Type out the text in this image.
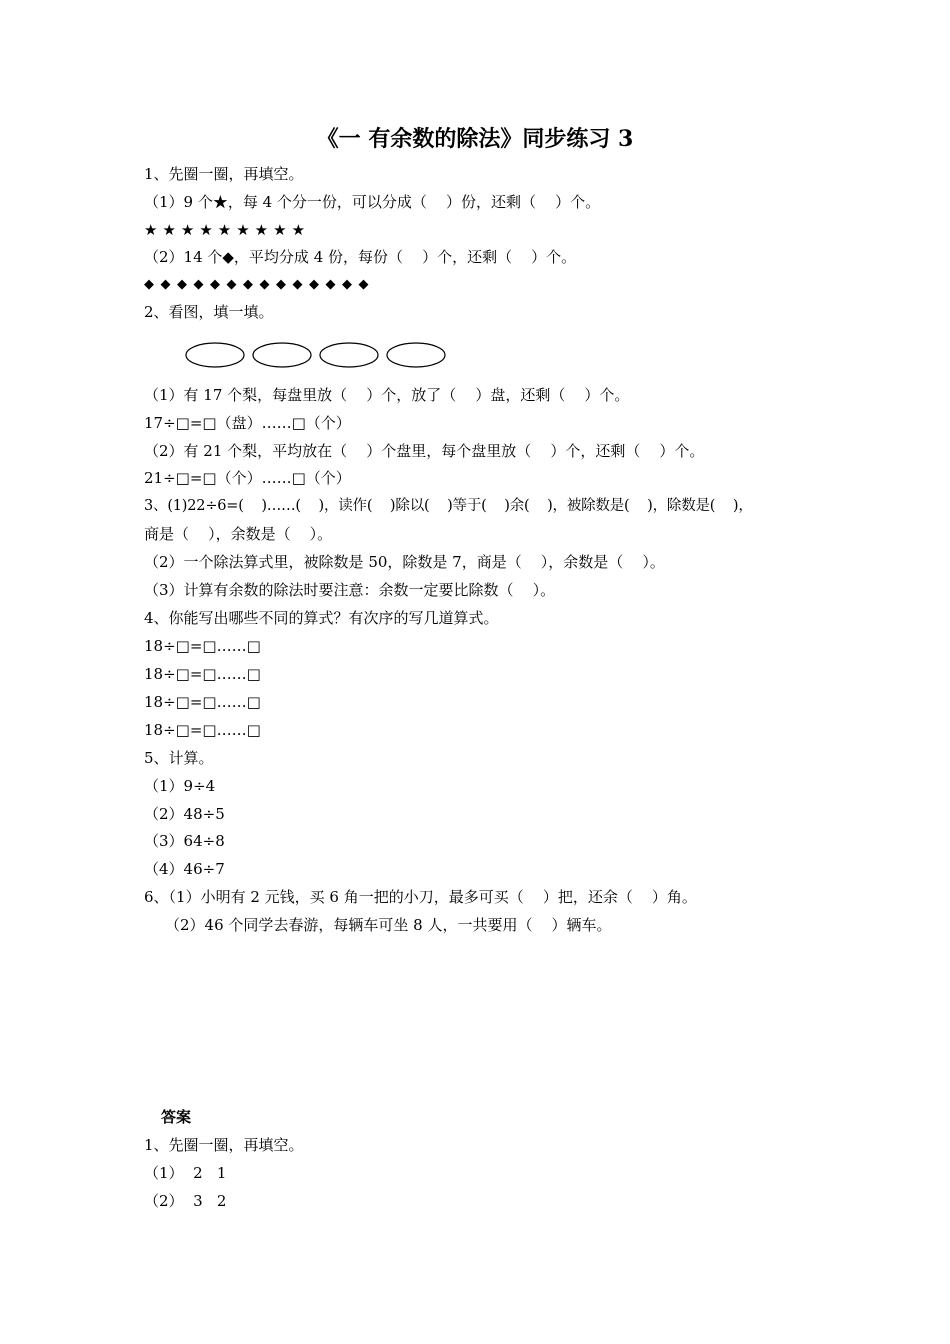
《一 有余数的除法》同步练习 3
1、先圈一圈，再填空。
（1）9 个★，每 4 个分一份，可以分成（    ）份，还剩（    ）个。
★★★★★★★★★
（2）14 个◆，平均分成 4 份，每份（    ）个，还剩（    ）个。
◆◆◆◆◆◆◆◆◆◆◆◆◆◆
2、看图，填一填。
（1）有 17 个梨，每盘里放（    ）个，放了（    ）盘，还剩（    ）个。
17÷□=□（盘）……□（个）
（2）有 21 个梨，平均放在（    ）个盘里，每个盘里放（    ）个，还剩（    ）个。
21÷□=□（个）……□（个）
3、(1)22÷6=(    )……(    )，读作(    )除以(    )等于(    )余(    )，被除数是(    )，除数是(    )，
商是（    ），余数是（    ）。
（2）一个除法算式里，被除数是 50，除数是 7，商是（    ），余数是（    ）。
（3）计算有余数的除法时要注意：余数一定要比除数（    ）。
4、你能写出哪些不同的算式？有次序的写几道算式。
18÷□=□……□
18÷□=□……□
18÷□=□……□
18÷□=□……□
5、计算。
（1）9÷4
（2）48÷5
（3）64÷8
（4）46÷7
6、（1）小明有 2 元钱，买 6 角一把的小刀，最多可买（    ）把，还余（    ）角。
（2）46 个同学去春游，每辆车可坐 8 人，一共要用（    ）辆车。
答案
1、先圈一圈，再填空。
（1）  2   1
（2）  3   2
